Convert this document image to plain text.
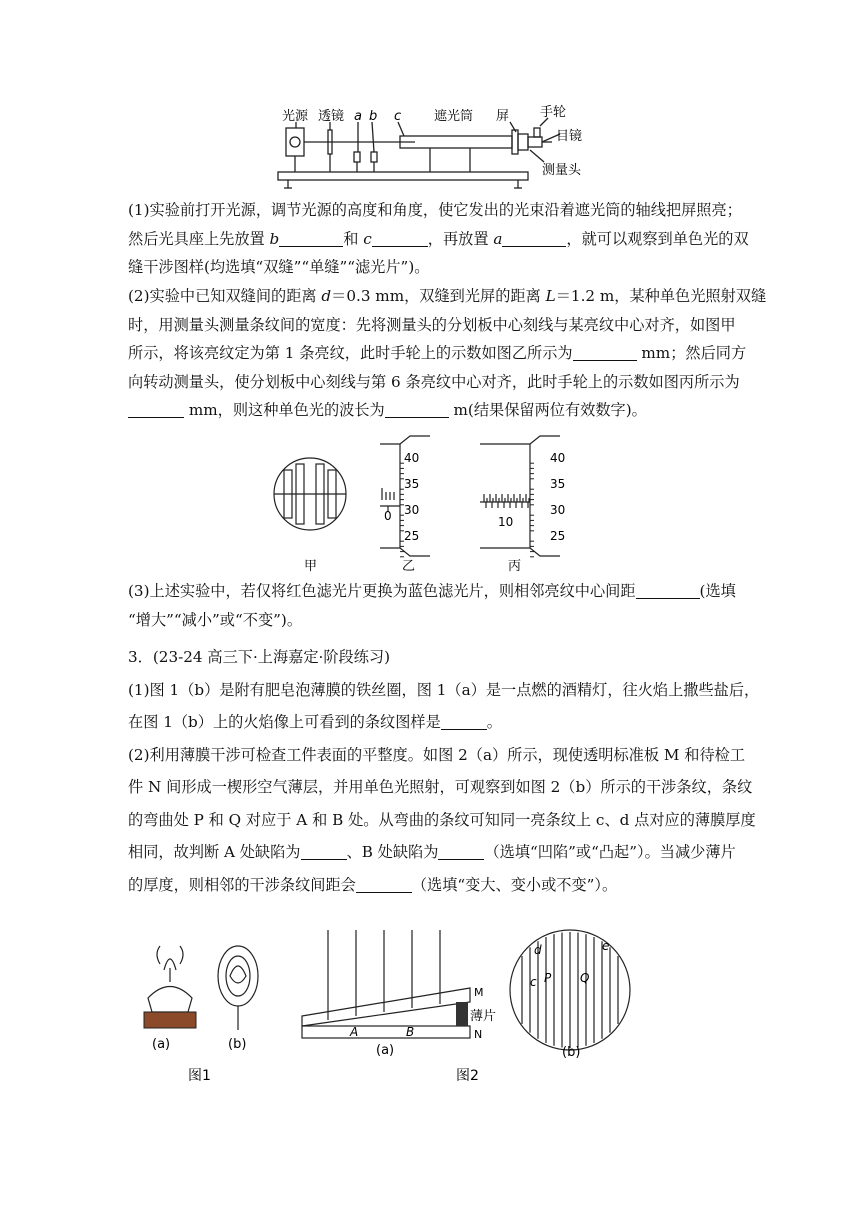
光源 透镜 a b c	遮光筒 屏 手轮
目镜
测量头
(1)实验前打开光源，调节光源的高度和角度，使它发出的光束沿着遮光筒的轴线把屏照亮；
然后光具座上先放置 b	和 c	，再放置 a	，就可以观察到单色光的双
缝干涉图样(均选填“双缝”“单缝”“滤光片”)。
(2)实验中已知双缝间的距离 d＝0.3 mm，双缝到光屏的距离 L＝1.2 m，某种单色光照射双缝
时，用测量头测量条纹间的宽度：先将测量头的分划板中心刻线与某亮纹中心对齐，如图甲
所示，将该亮纹定为第 1 条亮纹，此时手轮上的示数如图乙所示为	mm；然后同方
向转动测量头，使分划板中心刻线与第 6 条亮纹中心对齐，此时手轮上的示数如图丙所示为
mm，则这种单色光的波长为	m(结果保留两位有效数字)。
40
35
30
25
0
40
35
30
25
10
甲	乙	丙
(3)上述实验中，若仅将红色滤光片更换为蓝色滤光片，则相邻亮纹中心间距	(选填
“增大”“减小”或“不变”)。
3．(23-24 高三下·上海嘉定·阶段练习)
(1)图 1（b）是附有肥皂泡薄膜的铁丝圈，图 1（a）是一点燃的酒精灯，往火焰上撒些盐后，
在图 1（b）上的火焰像上可看到的条纹图样是	。
(2)利用薄膜干涉可检查工件表面的平整度。如图 2（a）所示，现使透明标准板 M 和待检工
件 N 间形成一楔形空气薄层，并用单色光照射，可观察到如图 2（b）所示的干涉条纹，条纹
的弯曲处 P 和 Q 对应于 A 和 B 处。从弯曲的条纹可知同一亮条纹上 c、d 点对应的薄膜厚度
相同，故判断 A 处缺陷为	、B 处缺陷为	（选填“凹陷”或“凸起”）。当减少薄片
的厚度，则相邻的干涉条纹间距会	（选填“变大、变小或不变”）。
(a)	(b)
图1
(a)	(b)
图2
M
N
薄片
A	B
d
c P Q
e
